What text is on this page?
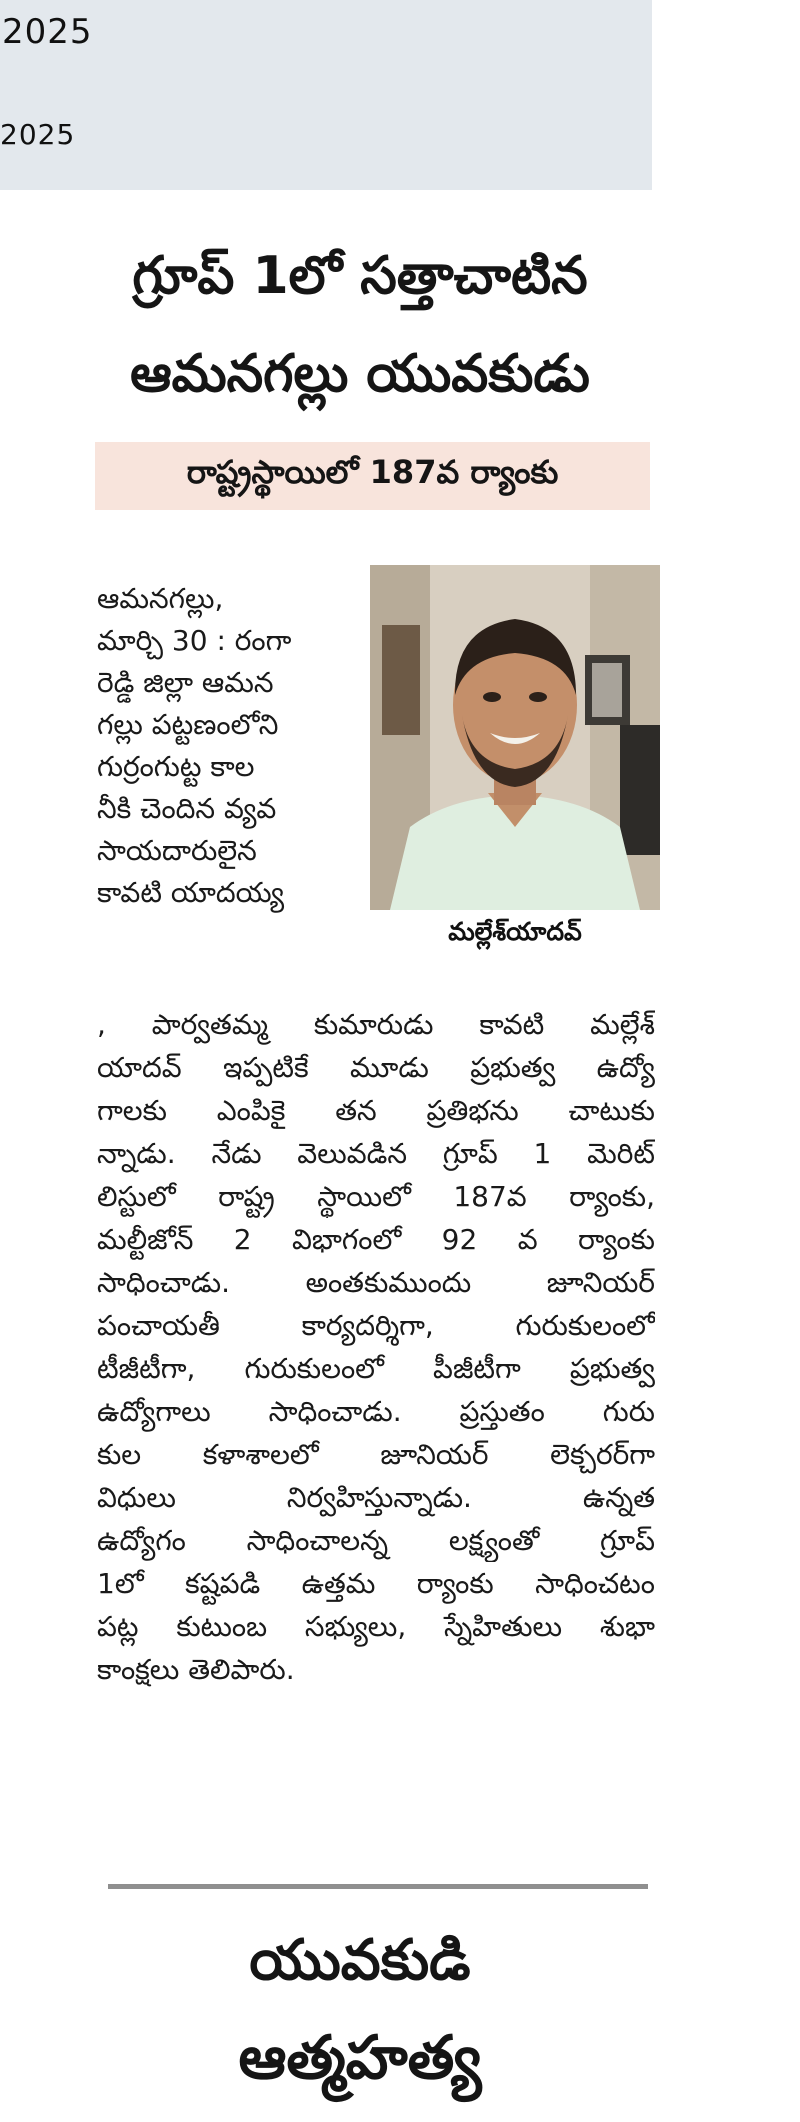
2025
2025
గ్రూప్ 1లో సత్తాచాటిన
ఆమనగల్లు యువకుడు
రాష్ట్రస్థాయిలో 187వ ర్యాంకు
మల్లేశ్‌యాదవ్
ఆమనగల్లు,
మార్చి 30 : రంగా
రెడ్డి జిల్లా ఆమన
గల్లు పట్టణంలోని
గుర్రంగుట్ట కాల
నీకి చెందిన వ్యవ
సాయదారులైన
కావటి యాదయ్య
, పార్వతమ్మ కుమారుడు కావటి మల్లేశ్
యాదవ్ ఇప్పటికే మూడు ప్రభుత్వ ఉద్యో
గాలకు ఎంపికై తన ప్రతిభను చాటుకు
న్నాడు. నేడు వెలువడిన గ్రూప్ 1 మెరిట్
లిస్టులో రాష్ట్ర స్థాయిలో 187వ ర్యాంకు,
మల్టీజోన్ 2 విభాగంలో 92 వ ర్యాంకు
సాధించాడు. అంతకుముందు జూనియర్
పంచాయతీ కార్యదర్శిగా, గురుకులంలో
టీజీటీగా, గురుకులంలో పీజీటీగా ప్రభుత్వ
ఉద్యోగాలు సాధించాడు. ప్రస్తుతం గురు
కుల కళాశాలలో జూనియర్ లెక్చరర్‌గా
విధులు నిర్వహిస్తున్నాడు. ఉన్నత
ఉద్యోగం సాధించాలన్న లక్ష్యంతో గ్రూప్
1లో కష్టపడి ఉత్తమ ర్యాంకు సాధించటం
పట్ల కుటుంబ సభ్యులు, స్నేహితులు శుభా
కాంక్షలు తెలిపారు.
యువకుడి
ఆత్మహత్య
